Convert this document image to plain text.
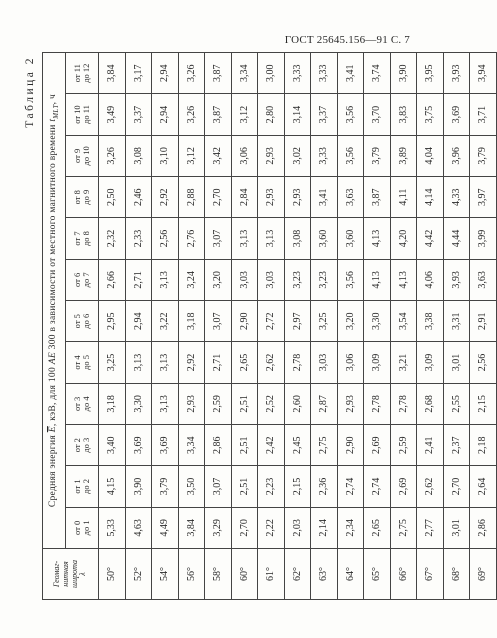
ГОСТ 25645.156—91 С. 7
Таблица 2
Геомаг-
нитная
широта
λ	Средняя энергия $\overline{E}$, кэВ, для 100 AE 300 в зависимости от местного магнитного времени $t_{MLT}$, ч											
	от 0
до 1	от 1
до 2	от 2
до 3	от 3
до 4	от 4
до 5	от 5
до 6	от 6
до 7	от 7
до 8	от 8
до 9	от 9
до 10	от 10
до 11	от 11
до 12
50°	5,33	4,15	3,40	3,18	3,25	2,95	2,66	2,32	2,50	3,26	3,49	3,84
52°	4,63	3,90	3,69	3,30	3,13	2,94	2,71	2,33	2,46	3,08	3,37	3,17
54°	4,49	3,79	3,69	3,13	3,13	3,22	3,13	2,56	2,92	3,10	2,94	2,94
56°	3,84	3,50	3,34	2,93	2,92	3,18	3,24	2,76	2,88	3,12	3,26	3,26
58°	3,29	3,07	2,86	2,59	2,71	3,07	3,20	3,07	2,70	3,42	3,87	3,87
60°	2,70	2,51	2,51	2,51	2,65	2,90	3,03	3,13	2,84	3,06	3,12	3,34
61°	2,22	2,23	2,42	2,52	2,62	2,72	3,03	3,13	2,93	2,93	2,80	3,00
62°	2,03	2,15	2,45	2,60	2,78	2,97	3,23	3,08	2,93	3,02	3,14	3,33
63°	2,14	2,36	2,75	2,87	3,03	3,25	3,23	3,60	3,41	3,33	3,37	3,33
64°	2,34	2,74	2,90	2,93	3,06	3,20	3,56	3,60	3,63	3,56	3,56	3,41
65°	2,65	2,74	2,69	2,78	3,09	3,30	4,13	4,13	3,87	3,79	3,70	3,74
66°	2,75	2,69	2,59	2,78	3,21	3,54	4,13	4,20	4,11	3,89	3,83	3,90
67°	2,77	2,62	2,41	2,68	3,09	3,38	4,06	4,42	4,14	4,04	3,75	3,95
68°	3,01	2,70	2,37	2,55	3,01	3,31	3,93	4,44	4,33	3,96	3,69	3,93
69°	2,86	2,64	2,18	2,15	2,56	2,91	3,63	3,99	3,97	3,79	3,71	3,94
